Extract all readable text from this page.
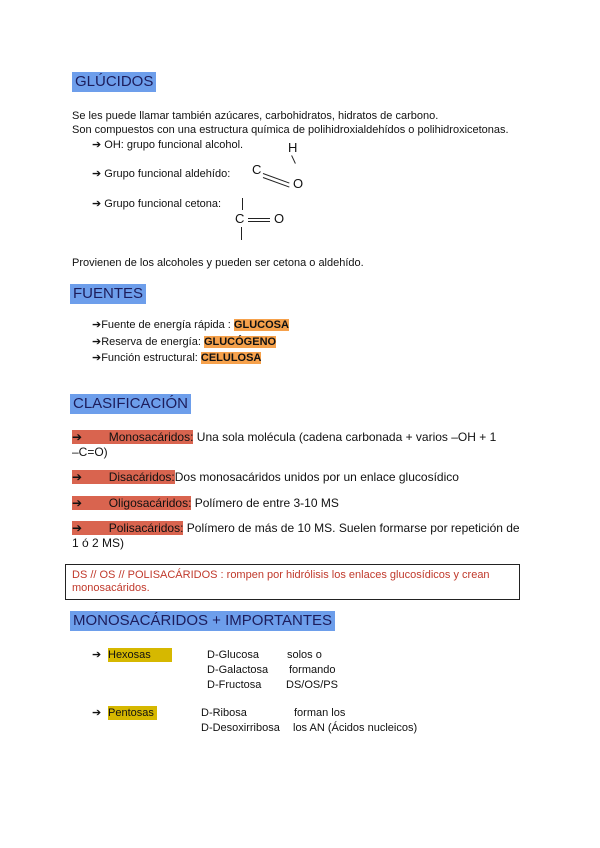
GLÚCIDOS
Se les puede llamar también azúcares, carbohidratos, hidratos de carbono.
Son compuestos con una estructura química de polihidroxialdehídos o polihidroxicetonas.
➔ OH: grupo funcional alcohol.
➔ Grupo funcional aldehído:
➔ Grupo funcional cetona:
H
C
O
C O
Provienen de los alcoholes y pueden ser cetona o aldehído.
FUENTES
➔Fuente de energía rápida : GLUCOSA
➔Reserva de energía: GLUCÓGENO
➔Función estructural: CELULOSA
CLASIFICACIÓN
➔        Monosacáridos: Una sola molécula (cadena carbonada + varios –OH + 1
–C=O)
➔        Disacáridos:Dos monosacáridos unidos por un enlace glucosídico
➔        Oligosacáridos: Polímero de entre 3-10 MS
➔        Polisacáridos: Polímero de más de 10 MS. Suelen formarse por repetición de
1 ó 2 MS)
DS // OS // POLISACÁRIDOS : rompen por hidrólisis los enlaces glucosídicos y crean monosacáridos.
MONOSACÁRIDOS + IMPORTANTES
➔ Hexosas	D-Glucosa
D-Galactosa
D-Fructosa
solos o
formando
DS/OS/PS
➔ Pentosas	D-Ribosa
D-Desoxirribosa
forman los
los AN (Ácidos nucleicos)
